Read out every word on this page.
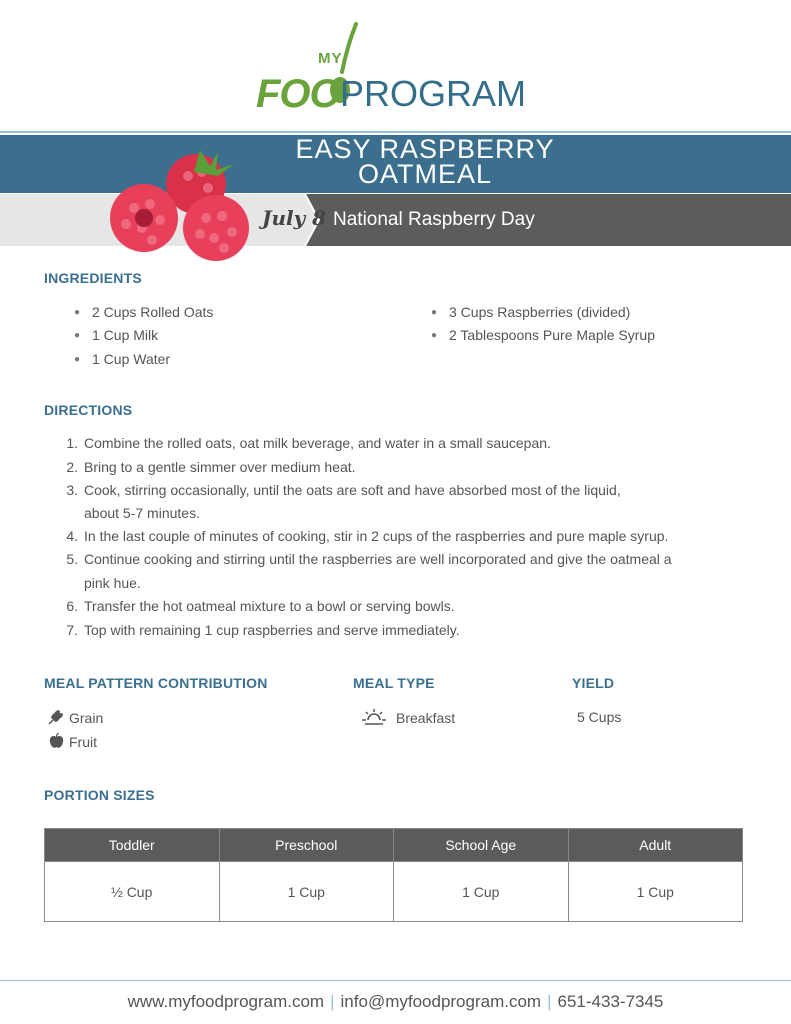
MY
FOO PROGRAM
EASY RASPBERRY
OATMEAL
July 8 National Raspberry Day
INGREDIENTS
● 2 Cups Rolled Oats
● 1 Cup Milk
● 1 Cup Water
● 3 Cups Raspberries (divided)
● 2 Tablespoons Pure Maple Syrup
DIRECTIONS
1. Combine the rolled oats, oat milk beverage, and water in a small saucepan.
2. Bring to a gentle simmer over medium heat.
3. Cook, stirring occasionally, until the oats are soft and have absorbed most of the liquid,
about 5-7 minutes.
4. In the last couple of minutes of cooking, stir in 2 cups of the raspberries and pure maple syrup.
5. Continue cooking and stirring until the raspberries are well incorporated and give the oatmeal a
pink hue.
6. Transfer the hot oatmeal mixture to a bowl or serving bowls.
7. Top with remaining 1 cup raspberries and serve immediately.
MEAL PATTERN CONTRIBUTION
Grain
Fruit
MEAL TYPE
Breakfast
YIELD
5 Cups
PORTION SIZES
Toddler	Preschool	School Age	Adult
½ Cup	1 Cup	1 Cup	1 Cup
www.myfoodprogram.com | info@myfoodprogram.com | 651-433-7345
